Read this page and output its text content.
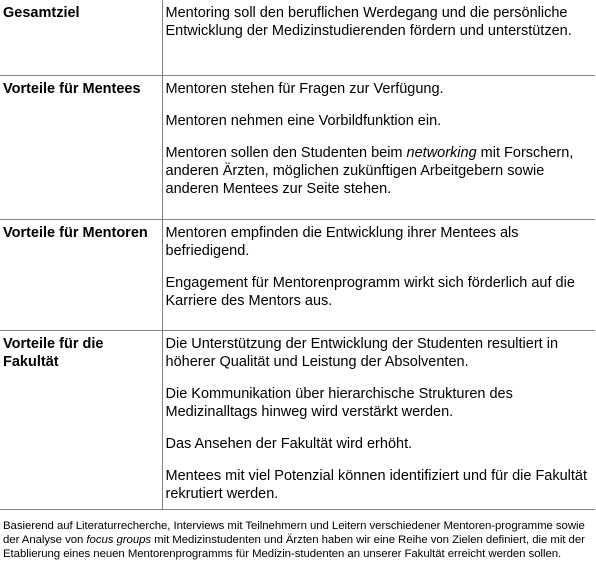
Gesamtziel	Mentoring soll den beruflichen Werdegang und die persönliche Entwicklung der Medizinstudierenden fördern und unterstützen.

Vorteile für Mentees	Mentoren stehen für Fragen zur Verfügung.

Mentoren nehmen eine Vorbildfunktion ein.

Mentoren sollen den Studenten beim networking mit Forschern, anderen Ärzten, möglichen zukünftigen Arbeitgebern sowie anderen Mentees zur Seite stehen.

Vorteile für Mentoren	Mentoren empfinden die Entwicklung ihrer Mentees als befriedigend.

Engagement für Mentorenprogramm wirkt sich förderlich auf die Karriere des Mentors aus.

Vorteile für die Fakultät	Die Unterstützung der Entwicklung der Studenten resultiert in höherer Qualität und Leistung der Absolventen.

Die Kommunikation über hierarchische Strukturen des Medizinalltags hinweg wird verstärkt werden.

Das Ansehen der Fakultät wird erhöht.

Mentees mit viel Potenzial können identifiziert und für die Fakultät rekrutiert werden.

Basierend auf Literaturrecherche, Interviews mit Teilnehmern und Leitern verschiedener Mentoren-programme sowie der Analyse von focus groups mit Medizinstudenten und Ärzten haben wir eine Reihe von Zielen definiert, die mit der Etablierung eines neuen Mentorenprogramms für Medizin-studenten an unserer Fakultät erreicht werden sollen.
